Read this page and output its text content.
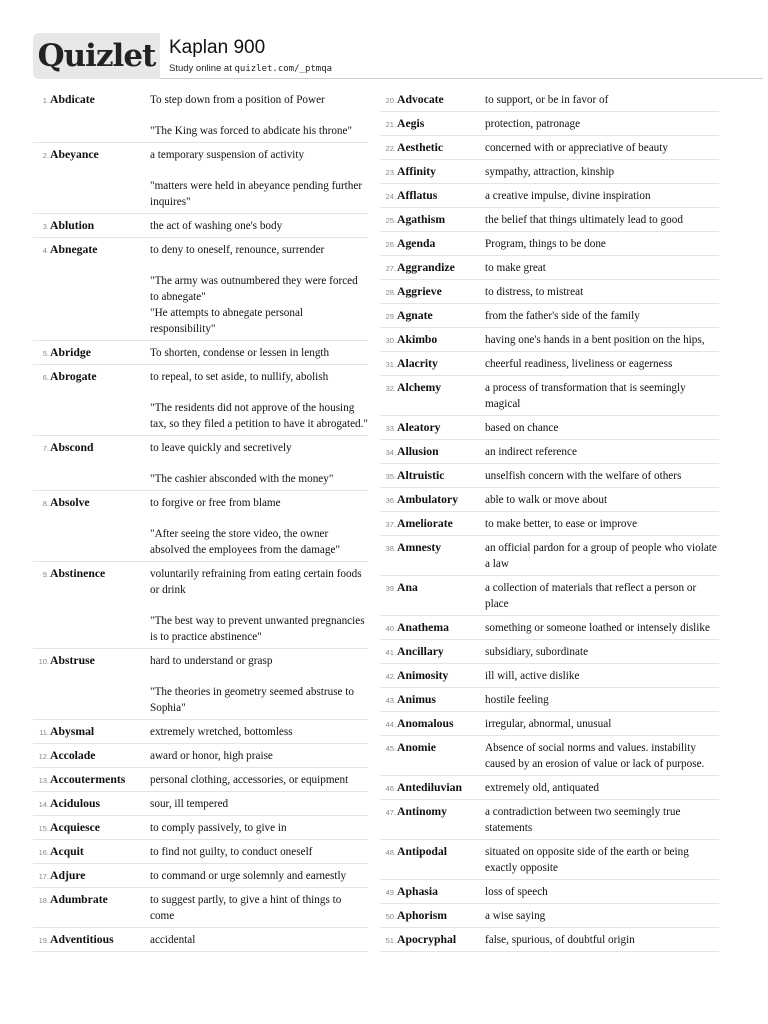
Quizlet Kaplan 900
Study online at quizlet.com/_ptmqa
1. Abdicate	To step down from a position of Power
"The King was forced to abdicate his throne"
2. Abeyance	a temporary suspension of activity
"matters were held in abeyance pending further inquires"
3. Ablution	the act of washing one's body
4. Abnegate	to deny to oneself, renounce, surrender
"The army was outnumbered they were forced to abnegate"
"He attempts to abnegate personal responsibility"
5. Abridge	To shorten, condense or lessen in length
6. Abrogate	to repeal, to set aside, to nullify, abolish
"The residents did not approve of the housing tax, so they filed a petition to have it abrogated."
7. Abscond	to leave quickly and secretively
"The cashier absconded with the money"
8. Absolve	to forgive or free from blame
"After seeing the store video, the owner absolved the employees from the damage"
9. Abstinence	voluntarily refraining from eating certain foods or drink
"The best way to prevent unwanted pregnancies is to practice abstinence"
10. Abstruse	hard to understand or grasp
"The theories in geometry seemed abstruse to Sophia"
11. Abysmal	extremely wretched, bottomless
12. Accolade	award or honor, high praise
13. Accouterments	personal clothing, accessories, or equipment
14. Acidulous	sour, ill tempered
15. Acquiesce	to comply passively, to give in
16. Acquit	to find not guilty, to conduct oneself
17. Adjure	to command or urge solemnly and earnestly
18. Adumbrate	to suggest partly, to give a hint of things to come
19. Adventitious	accidental
20. Advocate	to support, or be in favor of
21. Aegis	protection, patronage
22. Aesthetic	concerned with or appreciative of beauty
23. Affinity	sympathy, attraction, kinship
24. Afflatus	a creative impulse, divine inspiration
25. Agathism	the belief that things ultimately lead to good
26. Agenda	Program, things to be done
27. Aggrandize	to make great
28. Aggrieve	to distress, to mistreat
29. Agnate	from the father's side of the family
30. Akimbo	having one's hands in a bent position on the hips,
31. Alacrity	cheerful readiness, liveliness or eagerness
32. Alchemy	a process of transformation that is seemingly magical
33. Aleatory	based on chance
34. Allusion	an indirect reference
35. Altruistic	unselfish concern with the welfare of others
36. Ambulatory	able to walk or move about
37. Ameliorate	to make better, to ease or improve
38. Amnesty	an official pardon for a group of people who violate a law
39. Ana	a collection of materials that reflect a person or place
40. Anathema	something or someone loathed or intensely dislike
41. Ancillary	subsidiary, subordinate
42. Animosity	ill will, active dislike
43. Animus	hostile feeling
44. Anomalous	irregular, abnormal, unusual
45. Anomie	Absence of social norms and values. instability caused by an erosion of value or lack of purpose.
46. Antediluvian	extremely old, antiquated
47. Antinomy	a contradiction between two seemingly true statements
48. Antipodal	situated on opposite side of the earth or being exactly opposite
49. Aphasia	loss of speech
50. Aphorism	a wise saying
51. Apocryphal	false, spurious, of doubtful origin
